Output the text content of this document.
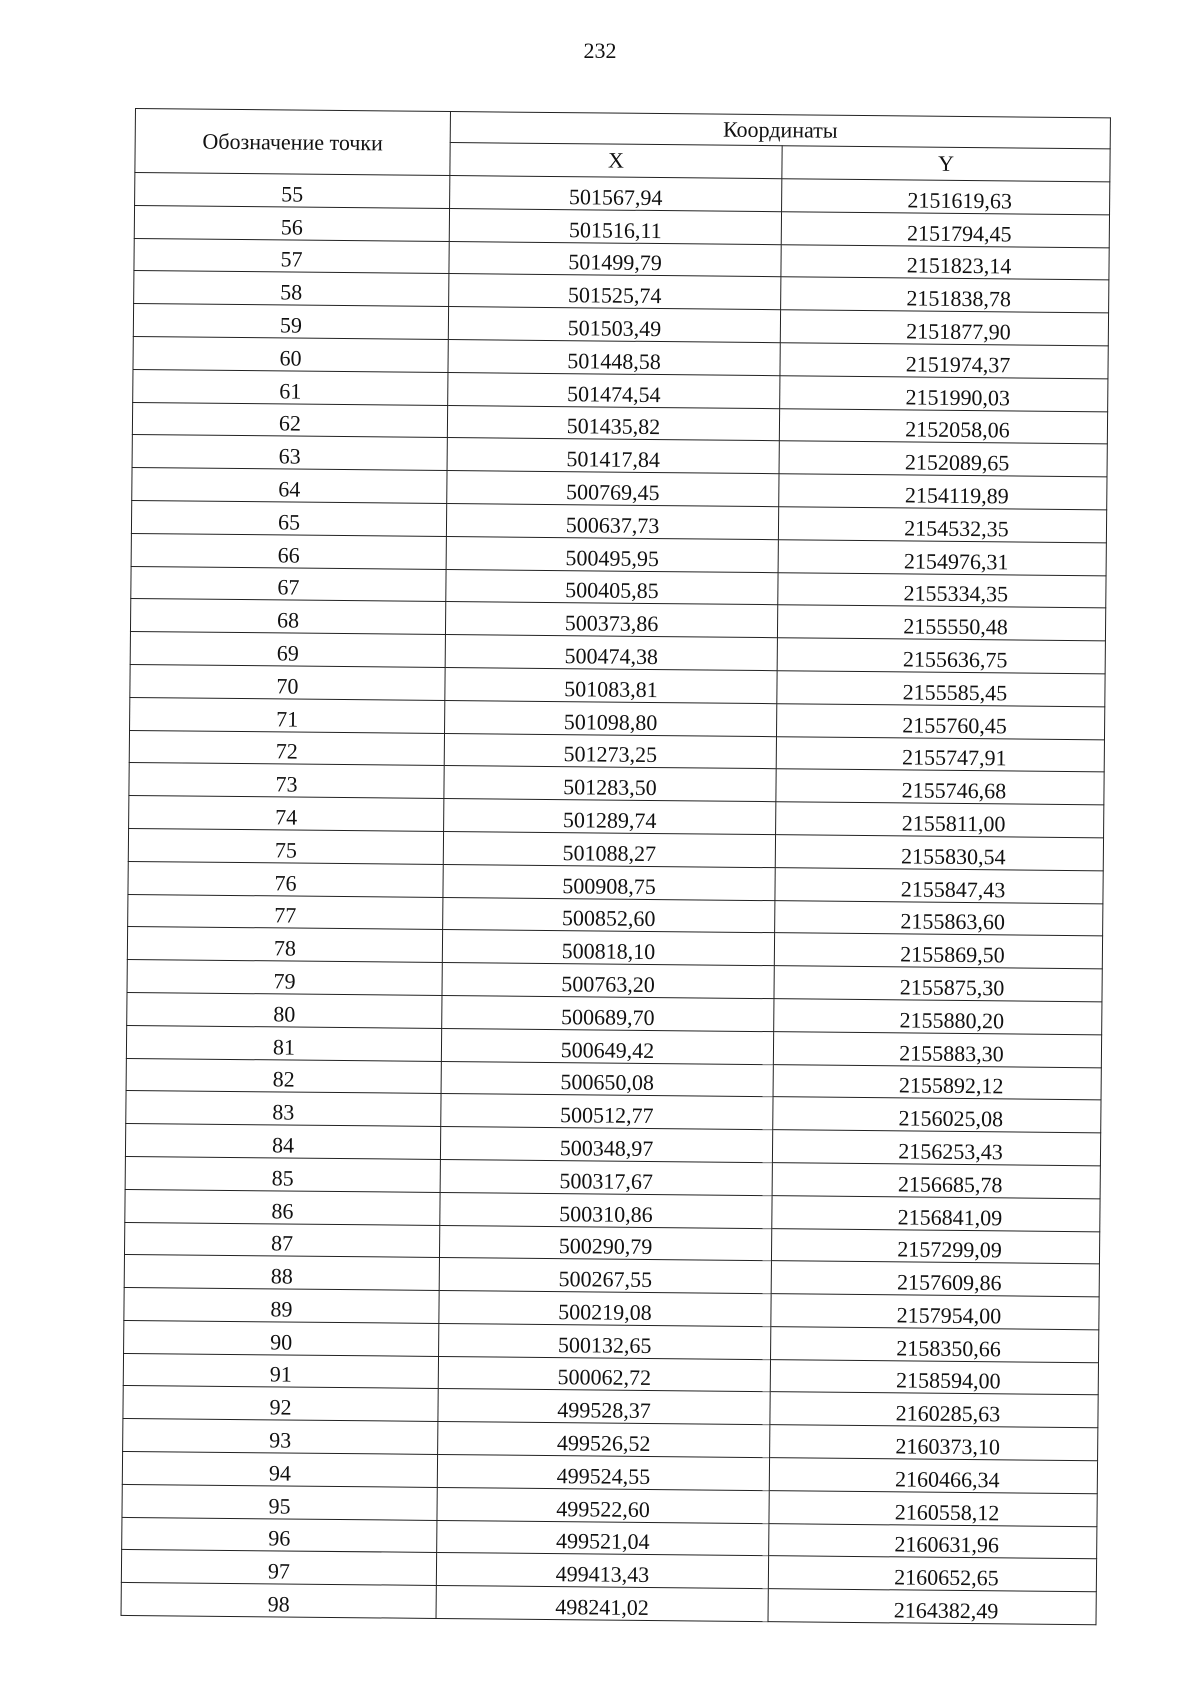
232
Обозначение точки	Координаты	
	X	Y
55	501567,94	2151619,63
56	501516,11	2151794,45
57	501499,79	2151823,14
58	501525,74	2151838,78
59	501503,49	2151877,90
60	501448,58	2151974,37
61	501474,54	2151990,03
62	501435,82	2152058,06
63	501417,84	2152089,65
64	500769,45	2154119,89
65	500637,73	2154532,35
66	500495,95	2154976,31
67	500405,85	2155334,35
68	500373,86	2155550,48
69	500474,38	2155636,75
70	501083,81	2155585,45
71	501098,80	2155760,45
72	501273,25	2155747,91
73	501283,50	2155746,68
74	501289,74	2155811,00
75	501088,27	2155830,54
76	500908,75	2155847,43
77	500852,60	2155863,60
78	500818,10	2155869,50
79	500763,20	2155875,30
80	500689,70	2155880,20
81	500649,42	2155883,30
82	500650,08	2155892,12
83	500512,77	2156025,08
84	500348,97	2156253,43
85	500317,67	2156685,78
86	500310,86	2156841,09
87	500290,79	2157299,09
88	500267,55	2157609,86
89	500219,08	2157954,00
90	500132,65	2158350,66
91	500062,72	2158594,00
92	499528,37	2160285,63
93	499526,52	2160373,10
94	499524,55	2160466,34
95	499522,60	2160558,12
96	499521,04	2160631,96
97	499413,43	2160652,65
98	498241,02	2164382,49
